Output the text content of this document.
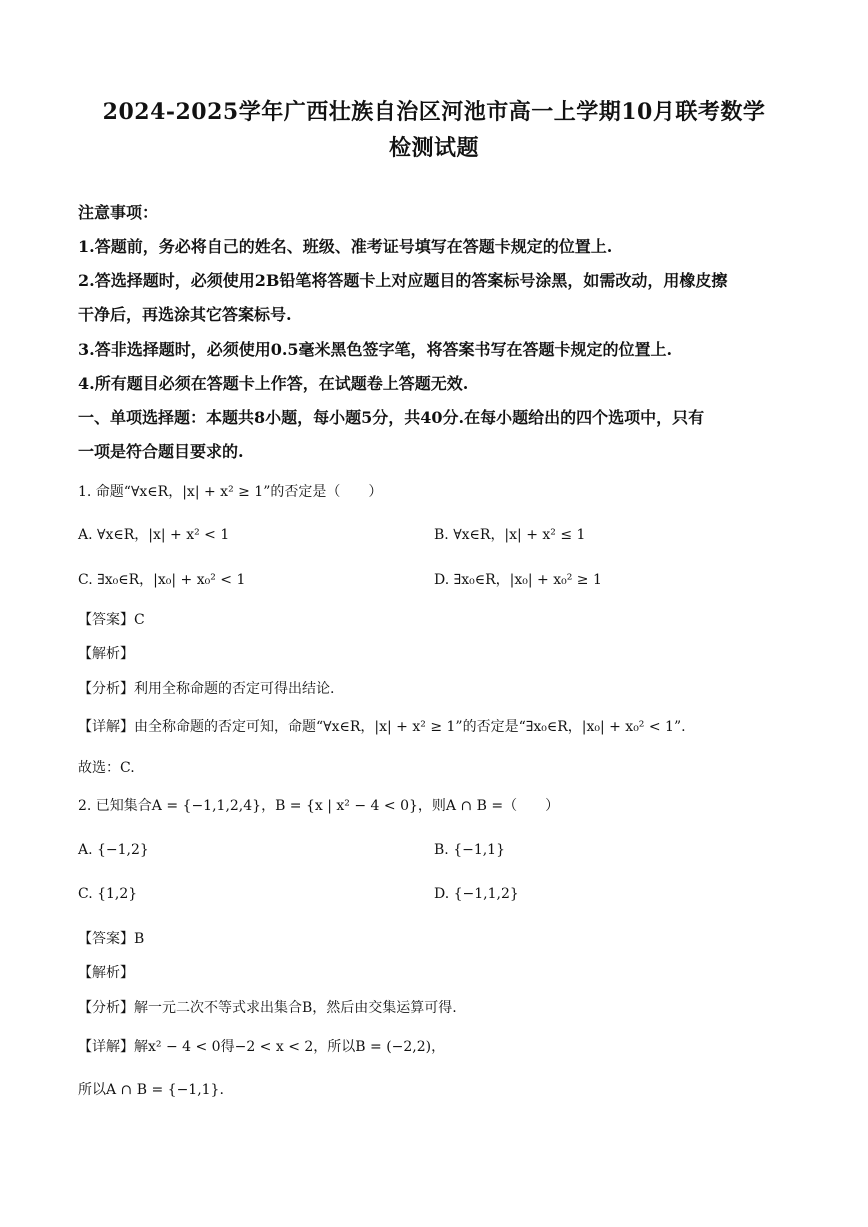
2024-2025学年广西壮族自治区河池市高一上学期10月联考数学
检测试题
注意事项：
1.答题前，务必将自己的姓名、班级、准考证号填写在答题卡规定的位置上.
2.答选择题时，必须使用2B铅笔将答题卡上对应题目的答案标号涂黑，如需改动，用橡皮擦
干净后，再选涂其它答案标号.
3.答非选择题时，必须使用0.5毫米黑色签字笔，将答案书写在答题卡规定的位置上.
4.所有题目必须在答题卡上作答，在试题卷上答题无效.
一、单项选择题：本题共8小题，每小题5分，共40分.在每小题给出的四个选项中，只有
一项是符合题目要求的.
1. 命题“∀x∈R，|x| + x² ≥ 1”的否定是（　　）
A. ∀x∈R，|x| + x² < 1	B. ∀x∈R，|x| + x² ≤ 1
C. ∃x₀∈R，|x₀| + x₀² < 1	D. ∃x₀∈R，|x₀| + x₀² ≥ 1
【答案】C
【解析】
【分析】利用全称命题的否定可得出结论.
【详解】由全称命题的否定可知，命题“∀x∈R，|x| + x² ≥ 1”的否定是“∃x₀∈R，|x₀| + x₀² < 1”.
故选：C.
2. 已知集合A = {−1,1,2,4}，B = {x | x² − 4 < 0}，则A ∩ B =（　　）
A. {−1,2}	B. {−1,1}
C. {1,2}	D. {−1,1,2}
【答案】B
【解析】
【分析】解一元二次不等式求出集合B，然后由交集运算可得.
【详解】解x² − 4 < 0得−2 < x < 2，所以B = (−2,2)，
所以A ∩ B = {−1,1}.
